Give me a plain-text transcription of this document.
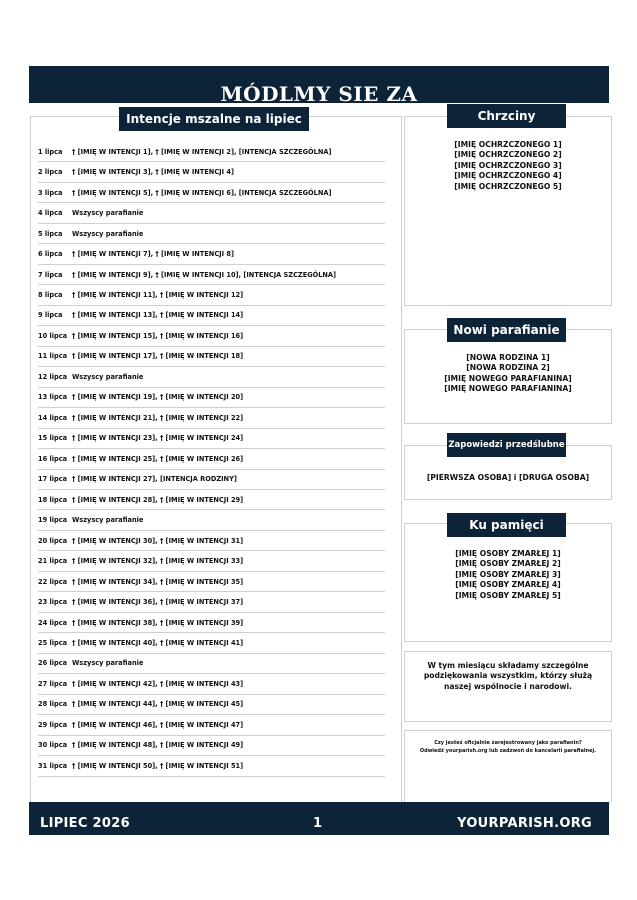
MÓDLMY SIE ZA
Intencje mszalne na lipiec
1 lipca	† [IMIĘ W INTENCJI 1], † [IMIĘ W INTENCJI 2], [INTENCJA SZCZEGÓLNA]
2 lipca	† [IMIĘ W INTENCJI 3], † [IMIĘ W INTENCJI 4]
3 lipca	† [IMIĘ W INTENCJI 5], † [IMIĘ W INTENCJI 6], [INTENCJA SZCZEGÓLNA]
4 lipca	Wszyscy parafianie
5 lipca	Wszyscy parafianie
6 lipca	† [IMIĘ W INTENCJI 7], † [IMIĘ W INTENCJI 8]
7 lipca	† [IMIĘ W INTENCJI 9], † [IMIĘ W INTENCJI 10], [INTENCJA SZCZEGÓLNA]
8 lipca	† [IMIĘ W INTENCJI 11], † [IMIĘ W INTENCJI 12]
9 lipca	† [IMIĘ W INTENCJI 13], † [IMIĘ W INTENCJI 14]
10 lipca † [IMIĘ W INTENCJI 15], † [IMIĘ W INTENCJI 16]
11 lipca † [IMIĘ W INTENCJI 17], † [IMIĘ W INTENCJI 18]
12 lipca Wszyscy parafianie
13 lipca † [IMIĘ W INTENCJI 19], † [IMIĘ W INTENCJI 20]
14 lipca † [IMIĘ W INTENCJI 21], † [IMIĘ W INTENCJI 22]
15 lipca † [IMIĘ W INTENCJI 23], † [IMIĘ W INTENCJI 24]
16 lipca † [IMIĘ W INTENCJI 25], † [IMIĘ W INTENCJI 26]
17 lipca † [IMIĘ W INTENCJI 27], [INTENCJA RODZINY]
18 lipca † [IMIĘ W INTENCJI 28], † [IMIĘ W INTENCJI 29]
19 lipca Wszyscy parafianie
20 lipca † [IMIĘ W INTENCJI 30], † [IMIĘ W INTENCJI 31]
21 lipca † [IMIĘ W INTENCJI 32], † [IMIĘ W INTENCJI 33]
22 lipca † [IMIĘ W INTENCJI 34], † [IMIĘ W INTENCJI 35]
23 lipca † [IMIĘ W INTENCJI 36], † [IMIĘ W INTENCJI 37]
24 lipca † [IMIĘ W INTENCJI 38], † [IMIĘ W INTENCJI 39]
25 lipca † [IMIĘ W INTENCJI 40], † [IMIĘ W INTENCJI 41]
26 lipca Wszyscy parafianie
27 lipca † [IMIĘ W INTENCJI 42], † [IMIĘ W INTENCJI 43]
28 lipca † [IMIĘ W INTENCJI 44], † [IMIĘ W INTENCJI 45]
29 lipca † [IMIĘ W INTENCJI 46], † [IMIĘ W INTENCJI 47]
30 lipca † [IMIĘ W INTENCJI 48], † [IMIĘ W INTENCJI 49]
31 lipca † [IMIĘ W INTENCJI 50], † [IMIĘ W INTENCJI 51]
Chrzciny
[IMIĘ OCHRZCZONEGO 1]
[IMIĘ OCHRZCZONEGO 2]
[IMIĘ OCHRZCZONEGO 3]
[IMIĘ OCHRZCZONEGO 4]
[IMIĘ OCHRZCZONEGO 5]
Nowi parafianie
[NOWA RODZINA 1]
[NOWA RODZINA 2]
[IMIĘ NOWEGO PARAFIANINA]
[IMIĘ NOWEGO PARAFIANINA]
Zapowiedzi przedślubne
[PIERWSZA OSOBA] i [DRUGA OSOBA]
Ku pamięci
[IMIĘ OSOBY ZMARŁEJ 1]
[IMIĘ OSOBY ZMARŁEJ 2]
[IMIĘ OSOBY ZMARŁEJ 3]
[IMIĘ OSOBY ZMARŁEJ 4]
[IMIĘ OSOBY ZMARŁEJ 5]
W tym miesiącu składamy szczególne
podziękowania wszystkim, którzy służą
naszej wspólnocie i narodowi.
Czy jesteś oficjalnie zarejestrowany jako parafianin?
Odwiedź yourparish.org lub zadzwoń do kancelarii parafialnej.
LIPIEC 2026	1	YOURPARISH.ORG
